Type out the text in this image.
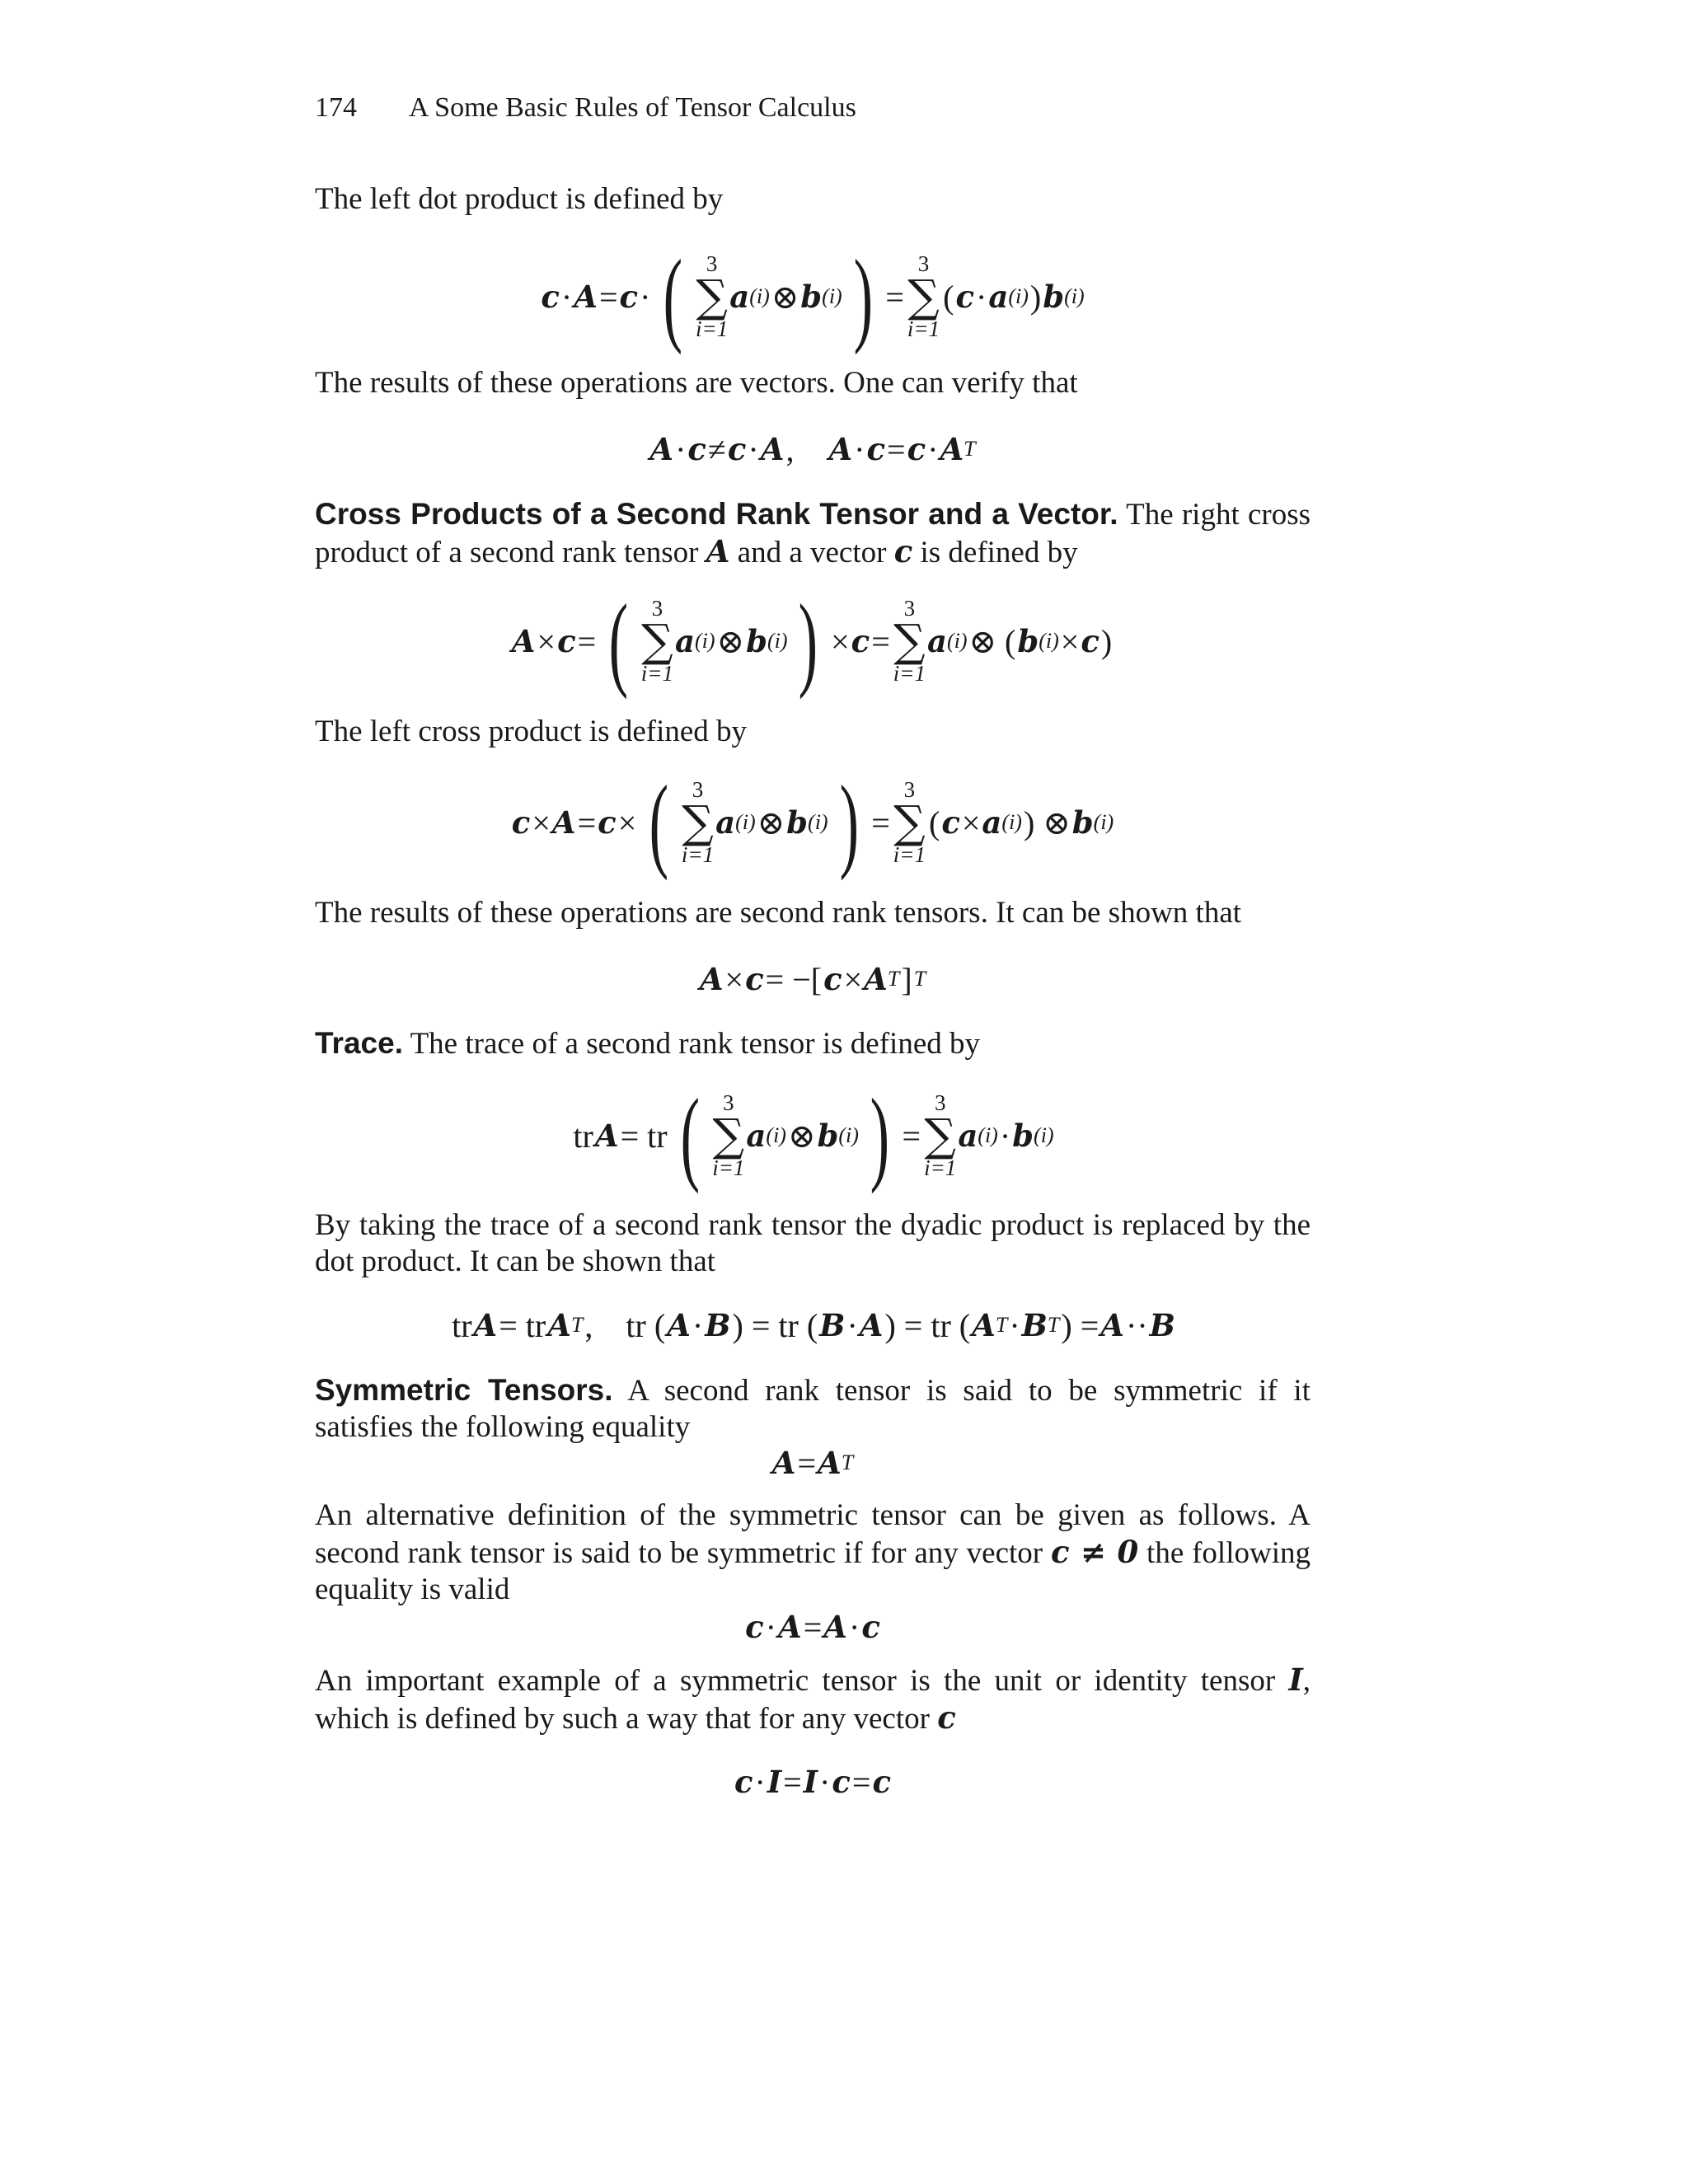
174 A Some Basic Rules of Tensor Calculus
The left dot product is defined by
c · A = c · ( 3
∑
i=1
a (i) ⊗ b (i) ) =
3
∑
i=1
( c · a (i) ) b (i)
The results of these operations are vectors. One can verify that
A · c ≠ c · A , A · c = c · A T
Cross Products of a Second Rank Tensor and a Vector. The right cross product of a second rank tensor A and a vector c is defined by
A × c = ( 3
∑
i=1
a (i) ⊗ b (i) ) × c =
3
∑
i=1
a (i) ⊗ ( b (i) × c )
The left cross product is defined by
c × A = c × ( 3
∑
i=1
a (i) ⊗ b (i) ) =
3
∑
i=1
( c × a (i) ) ⊗ b (i)
The results of these operations are second rank tensors. It can be shown that
A × c = −[ c × A T ] T
Trace. The trace of a second rank tensor is defined by
tr A = tr ( 3
∑
i=1
a (i) ⊗ b (i) ) =
3
∑
i=1
a (i) · b (i)
By taking the trace of a second rank tensor the dyadic product is replaced by the dot product. It can be shown that
tr A = tr A T ,    tr ( A · B ) = tr ( B · A ) = tr ( A T · B T ) = A ·· B
Symmetric Tensors. A second rank tensor is said to be symmetric if it satisfies the following equality
A = A T
An alternative definition of the symmetric tensor can be given as follows. A second rank tensor is said to be symmetric if for any vector c ≠ 0 the following equality is valid
c · A = A · c
An important example of a symmetric tensor is the unit or identity tensor I, which is defined by such a way that for any vector c
c · I = I · c = c
